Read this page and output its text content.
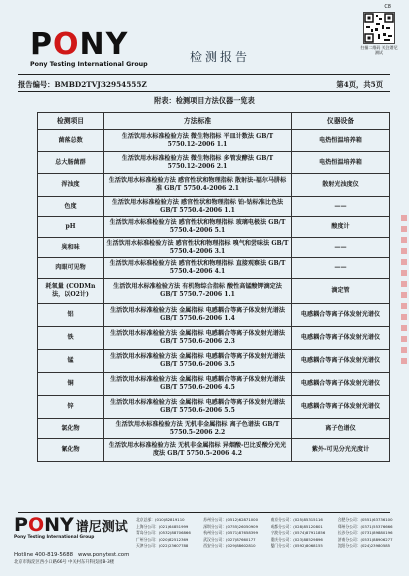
C8
PONY
Pony Testing International Group
检测报告
扫描二维码 关注谱尼测试
报告编号：BMBD2TVJ32954555Z	第4页，共5页
附表：检测项目方法仪器一览表
检测项目	方法标准	仪器设备
菌落总数	生活饮用水标准检验方法 微生物指标 平皿计数法 GB/T 5750.12-2006 1.1	电热恒温培养箱
总大肠菌群	生活饮用水标准检验方法 微生物指标 多管发酵法 GB/T 5750.12-2006 2.1	电热恒温培养箱
浑浊度	生活饮用水标准检验方法 感官性状和物理指标 散射法-福尔马肼标准 GB/T 5750.4-2006 2.1	散射光浊度仪
色度	生活饮用水标准检验方法 感官性状和物理指标 铂-钴标准比色法 GB/T 5750.4-2006 1.1	——
pH	生活饮用水标准检验方法 感官性状和物理指标 玻璃电极法 GB/T 5750.4-2006 5.1	酸度计
臭和味	生活饮用水标准检验方法 感官性状和物理指标 嗅气和尝味法 GB/T 5750.4-2006 3.1	——
肉眼可见物	生活饮用水标准检验方法 感官性状和物理指标 直接观察法 GB/T 5750.4-2006 4.1	——
耗氧量 (CODMn法，以O2计)	生活饮用水标准检验方法 有机物综合指标 酸性高锰酸钾滴定法 GB/T 5750.7-2006 1.1	滴定管
铝	生活饮用水标准检验方法 金属指标 电感耦合等离子体发射光谱法 GB/T 5750.6-2006 1.4	电感耦合等离子体发射光谱仪
铁	生活饮用水标准检验方法 金属指标 电感耦合等离子体发射光谱法 GB/T 5750.6-2006 2.3	电感耦合等离子体发射光谱仪
锰	生活饮用水标准检验方法 金属指标 电感耦合等离子体发射光谱法 GB/T 5750.6-2006 3.5	电感耦合等离子体发射光谱仪
铜	生活饮用水标准检验方法 金属指标 电感耦合等离子体发射光谱法 GB/T 5750.6-2006 4.5	电感耦合等离子体发射光谱仪
锌	生活饮用水标准检验方法 金属指标 电感耦合等离子体发射光谱法 GB/T 5750.6-2006 5.5	电感耦合等离子体发射光谱仪
氯化物	生活饮用水标准检验方法 无机非金属指标 离子色谱法 GB/T 5750.5-2006 2.2	离子色谱仪
氰化物	生活饮用水标准检验方法 无机非金属指标 异烟酸-巴比妥酸分光光度法 GB/T 5750.5-2006 4.2	紫外-可见分光光度计
PONY $^{谱尼测试}$
Pony Testing International Group
Hotline 400-819-5688 www.ponytest.com
北京市海淀区西小口路66号 中关村东升科技园B-3楼
北京总部：(010)82819110
上海分公司：(021)64851999
青岛分公司：(0532)88706866
广州分公司：(020)82512369
天津分公司：(022)23607788
苏州分公司：(0512)62871000
深圳分公司：(0755)26050909
杭州分公司：(0571)87658399
武汉分公司：(027)87660177
西安分公司：(029)88602810
南京分公司：(025)85315116
成都分公司：(028)85120801
宁波分公司：(0574)87911856
重庆分公司：(023)88529896
厦门分公司：(0592)8068155
合肥分公司：(0551)63736100
郑州分公司：(0371)55376666
长沙分公司：(0731)89880196
济南分公司：(0531)88906277
沈阳分公司：(024)23980585
